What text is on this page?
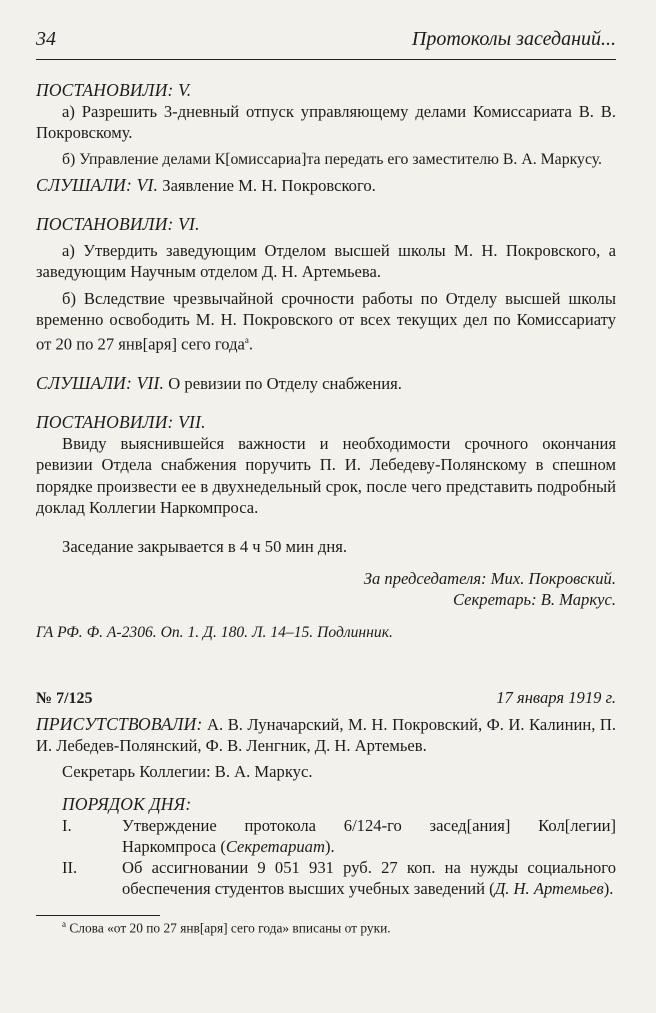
34	Протоколы заседаний...

ПОСТАНОВИЛИ: V.

а) Разрешить 3-дневный отпуск управляющему делами Комиссариата В. В. Покровскому.

б) Управление делами К[омиссариа]та передать его заместителю В. А. Маркусу.

СЛУШАЛИ: VI. Заявление М. Н. Покровского.

ПОСТАНОВИЛИ: VI.

а) Утвердить заведующим Отделом высшей школы М. Н. Покровского, а заведующим Научным отделом Д. Н. Артемьева.

б) Вследствие чрезвычайной срочности работы по Отделу высшей школы временно освободить М. Н. Покровского от всех текущих дел по Комиссариату от 20 по 27 янв[аря] сего года$^а$.

СЛУШАЛИ: VII. О ревизии по Отделу снабжения.

ПОСТАНОВИЛИ: VII.

Ввиду выяснившейся важности и необходимости срочного окончания ревизии Отдела снабжения поручить П. И. Лебедеву-Полянскому в спешном порядке произвести ее в двухнедельный срок, после чего представить подробный доклад Коллегии Наркомпроса.

Заседание закрывается в 4 ч 50 мин дня.

За председателя: Мих. Покровский.

Секретарь: В. Маркус.

ГА РФ. Ф. А-2306. Оп. 1. Д. 180. Л. 14–15. Подлинник.

№ 7/125	17 января 1919 г.

ПРИСУТСТВОВАЛИ: А. В. Луначарский, М. Н. Покровский, Ф. И. Калинин, П. И. Лебедев-Полянский, Ф. В. Ленгник, Д. Н. Артемьев.

Секретарь Коллегии: В. А. Маркус.

ПОРЯДОК ДНЯ:

I.	Утверждение протокола 6/124-го засед[ания] Кол[легии] Наркомпроса (Секретариат).
II.	Об ассигновании 9 051 931 руб. 27 коп. на нужды социального обеспечения студентов высших учебных заведений (Д. Н. Артемьев).
$^а$ Слова «от 20 по 27 янв[аря] сего года» вписаны от руки.
